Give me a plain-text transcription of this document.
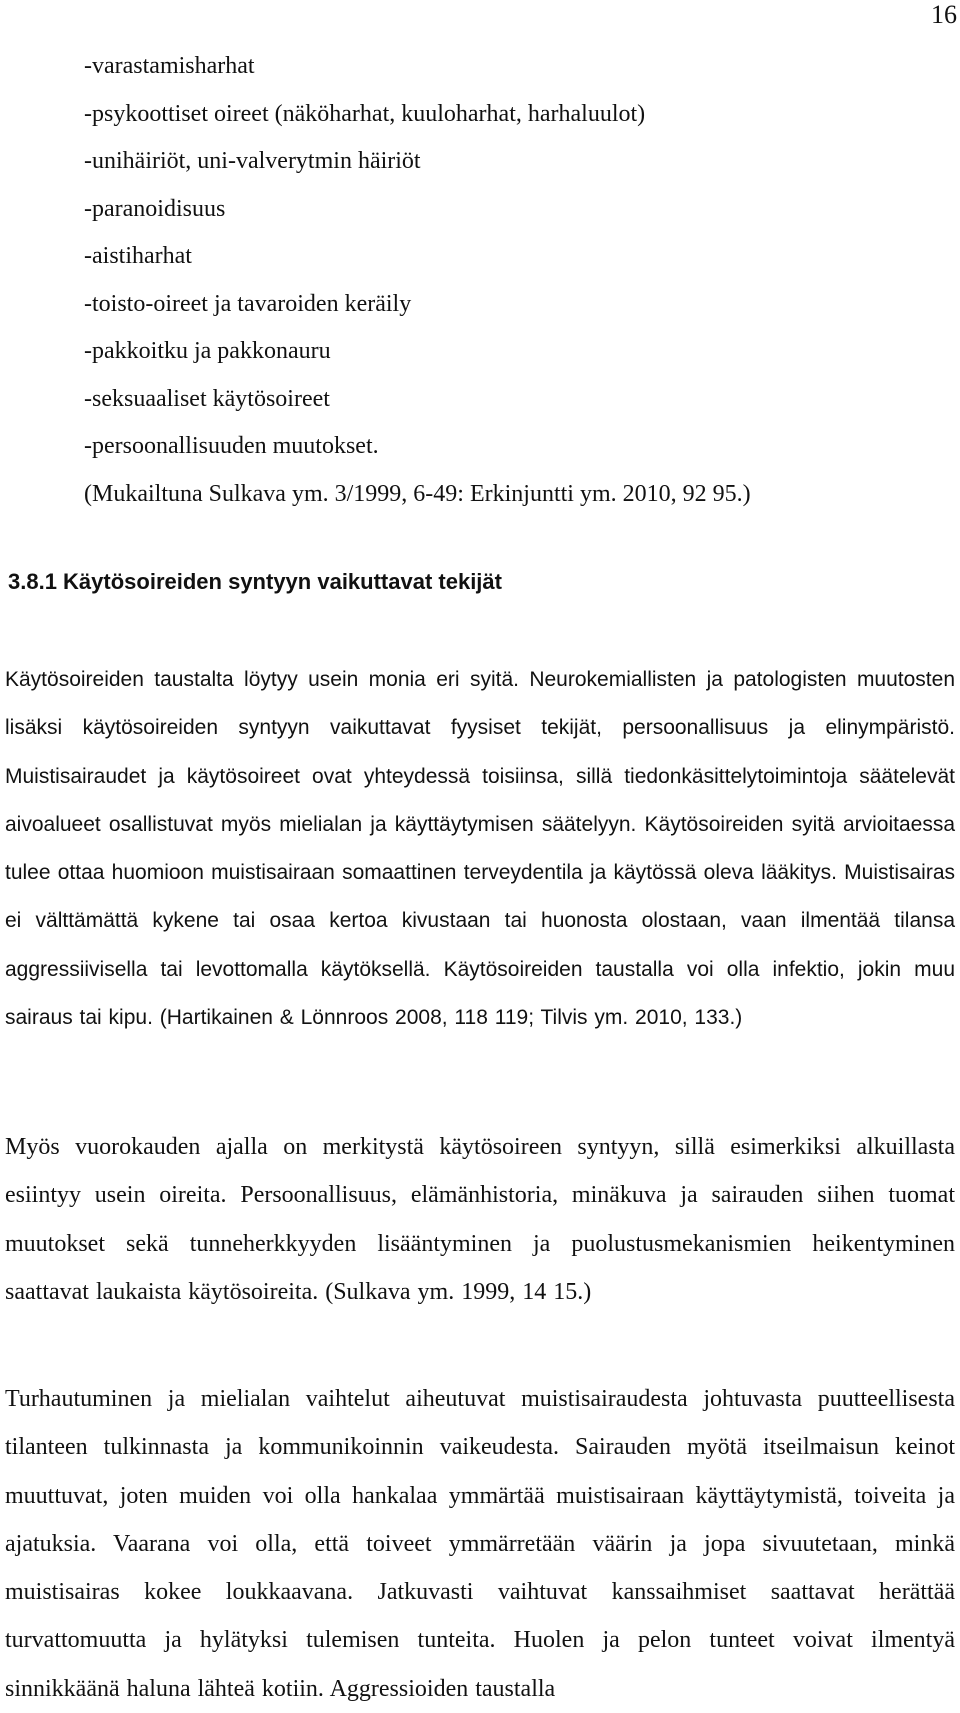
16
-varastamisharhat
-psykoottiset oireet (näköharhat, kuuloharhat, harhaluulot)
-unihäiriöt, uni-valverytmin häiriöt
-paranoidisuus
-aistiharhat
-toisto-oireet ja tavaroiden keräily
-pakkoitku ja pakkonauru
-seksuaaliset käytösoireet
-persoonallisuuden muutokset.
(Mukailtuna Sulkava ym. 3/1999, 6-49: Erkinjuntti ym. 2010, 92 95.)
3.8.1 Käytösoireiden syntyyn vaikuttavat tekijät
Käytösoireiden taustalta löytyy usein monia eri syitä. Neurokemiallisten ja patologisten muutosten lisäksi käytösoireiden syntyyn vaikuttavat fyysiset tekijät, persoonallisuus ja elinympäristö. Muistisairaudet ja käytösoireet ovat yhteydessä toisiinsa, sillä tiedonkäsittelytoimintoja säätelevät aivoalueet osallistuvat myös mielialan ja käyttäytymisen säätelyyn. Käytösoireiden syitä arvioitaessa tulee ottaa huomioon muistisairaan somaattinen terveydentila ja käytössä oleva lääkitys. Muistisairas ei välttämättä kykene tai osaa kertoa kivustaan tai huonosta olostaan, vaan ilmentää tilansa aggressiivisella tai levottomalla käytöksellä. Käytösoireiden taustalla voi olla infektio, jokin muu sairaus tai kipu. (Hartikainen & Lönnroos 2008, 118 119; Tilvis ym. 2010, 133.)
Myös vuorokauden ajalla on merkitystä käytösoireen syntyyn, sillä esimerkiksi alkuillasta esiintyy usein oireita. Persoonallisuus, elämänhistoria, minäkuva ja sairauden siihen tuomat muutokset sekä tunneherkkyyden lisääntyminen ja puolustusmekanismien heikentyminen saattavat laukaista käytösoireita. (Sulkava ym. 1999, 14 15.)
Turhautuminen ja mielialan vaihtelut aiheutuvat muistisairaudesta johtuvasta puutteellisesta tilanteen tulkinnasta ja kommunikoinnin vaikeudesta. Sairauden myötä itseilmaisun keinot muuttuvat, joten muiden voi olla hankalaa ymmärtää muistisairaan käyttäytymistä, toiveita ja ajatuksia. Vaarana voi olla, että toiveet ymmärretään väärin ja jopa sivuutetaan, minkä muistisairas kokee loukkaavana. Jatkuvasti vaihtuvat kanssaihmiset saattavat herättää turvattomuutta ja hylätyksi tulemisen tunteita. Huolen ja pelon tunteet voivat ilmentyä sinnikkäänä haluna lähteä kotiin. Aggressioiden taustalla
